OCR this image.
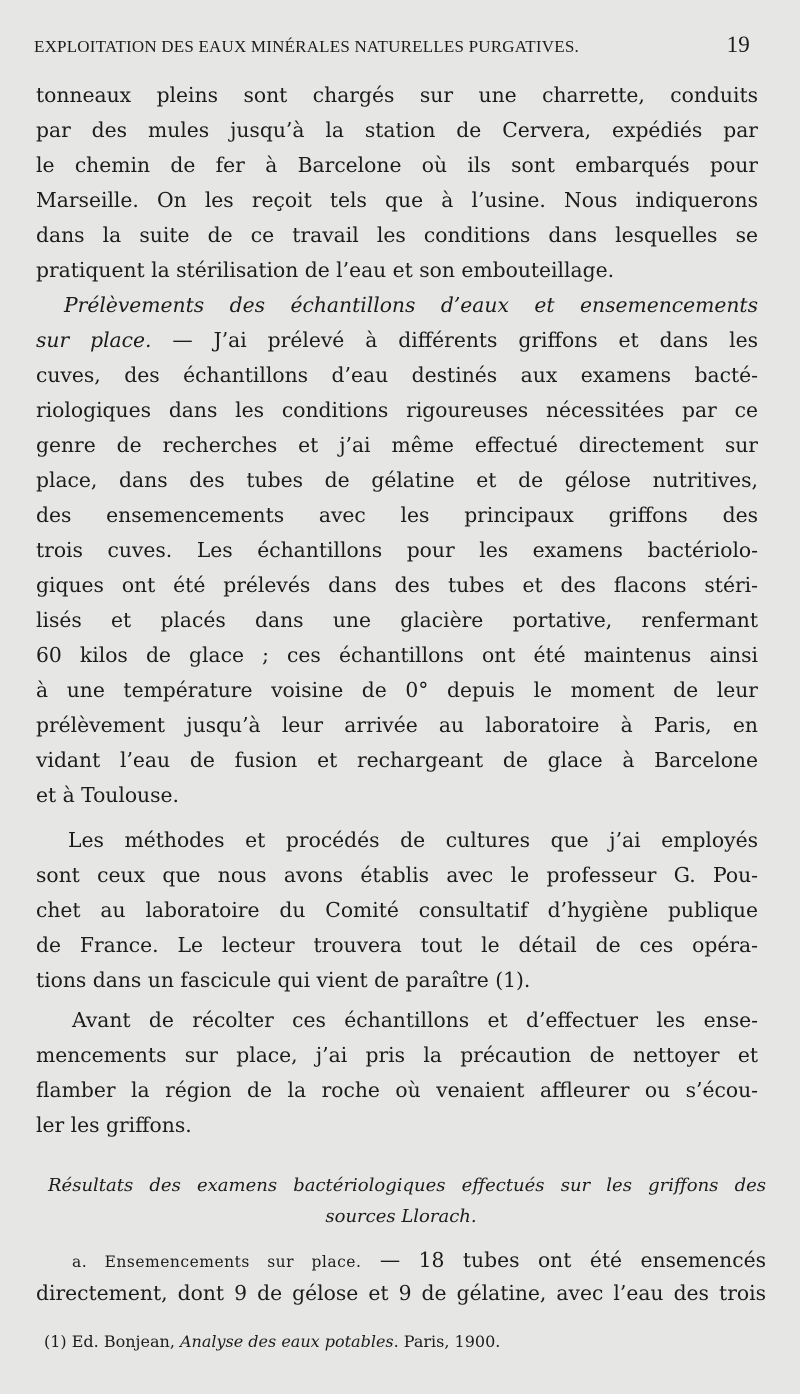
EXPLOITATION DES EAUX MINÉRALES NATURELLES PURGATIVES.	19
tonneaux pleins sont chargés sur une charrette, conduits
par des mules jusqu’à la station de Cervera, expédiés par
le chemin de fer à Barcelone où ils sont embarqués pour
Marseille. On les reçoit tels que à l’usine. Nous indiquerons
dans la suite de ce travail les conditions dans lesquelles se
pratiquent la stérilisation de l’eau et son embouteillage.
Prélèvements des échantillons d’eaux et ensemencements
sur place. — J’ai prélevé à différents griffons et dans les
cuves, des échantillons d’eau destinés aux examens bacté-
riologiques dans les conditions rigoureuses nécessitées par ce
genre de recherches et j’ai même effectué directement sur
place, dans des tubes de gélatine et de gélose nutritives,
des ensemencements avec les principaux griffons des
trois cuves. Les échantillons pour les examens bactériolo-
giques ont été prélevés dans des tubes et des flacons stéri-
lisés et placés dans une glacière portative, renfermant
60 kilos de glace ; ces échantillons ont été maintenus ainsi
à une température voisine de 0° depuis le moment de leur
prélèvement jusqu’à leur arrivée au laboratoire à Paris, en
vidant l’eau de fusion et rechargeant de glace à Barcelone
et à Toulouse.
Les méthodes et procédés de cultures que j’ai employés
sont ceux que nous avons établis avec le professeur G. Pou-
chet au laboratoire du Comité consultatif d’hygiène publique
de France. Le lecteur trouvera tout le détail de ces opéra-
tions dans un fascicule qui vient de paraître (1).
Avant de récolter ces échantillons et d’effectuer les ense-
mencements sur place, j’ai pris la précaution de nettoyer et
flamber la région de la roche où venaient affleurer ou s’écou-
ler les griffons.
Résultats des examens bactériologiques effectués sur les griffons des
sources Llorach.
a. Ensemencements sur place. — 18 tubes ont été ensemencés
directement, dont 9 de gélose et 9 de gélatine, avec l’eau des trois
(1) Ed. Bonjean, Analyse des eaux potables. Paris, 1900.
